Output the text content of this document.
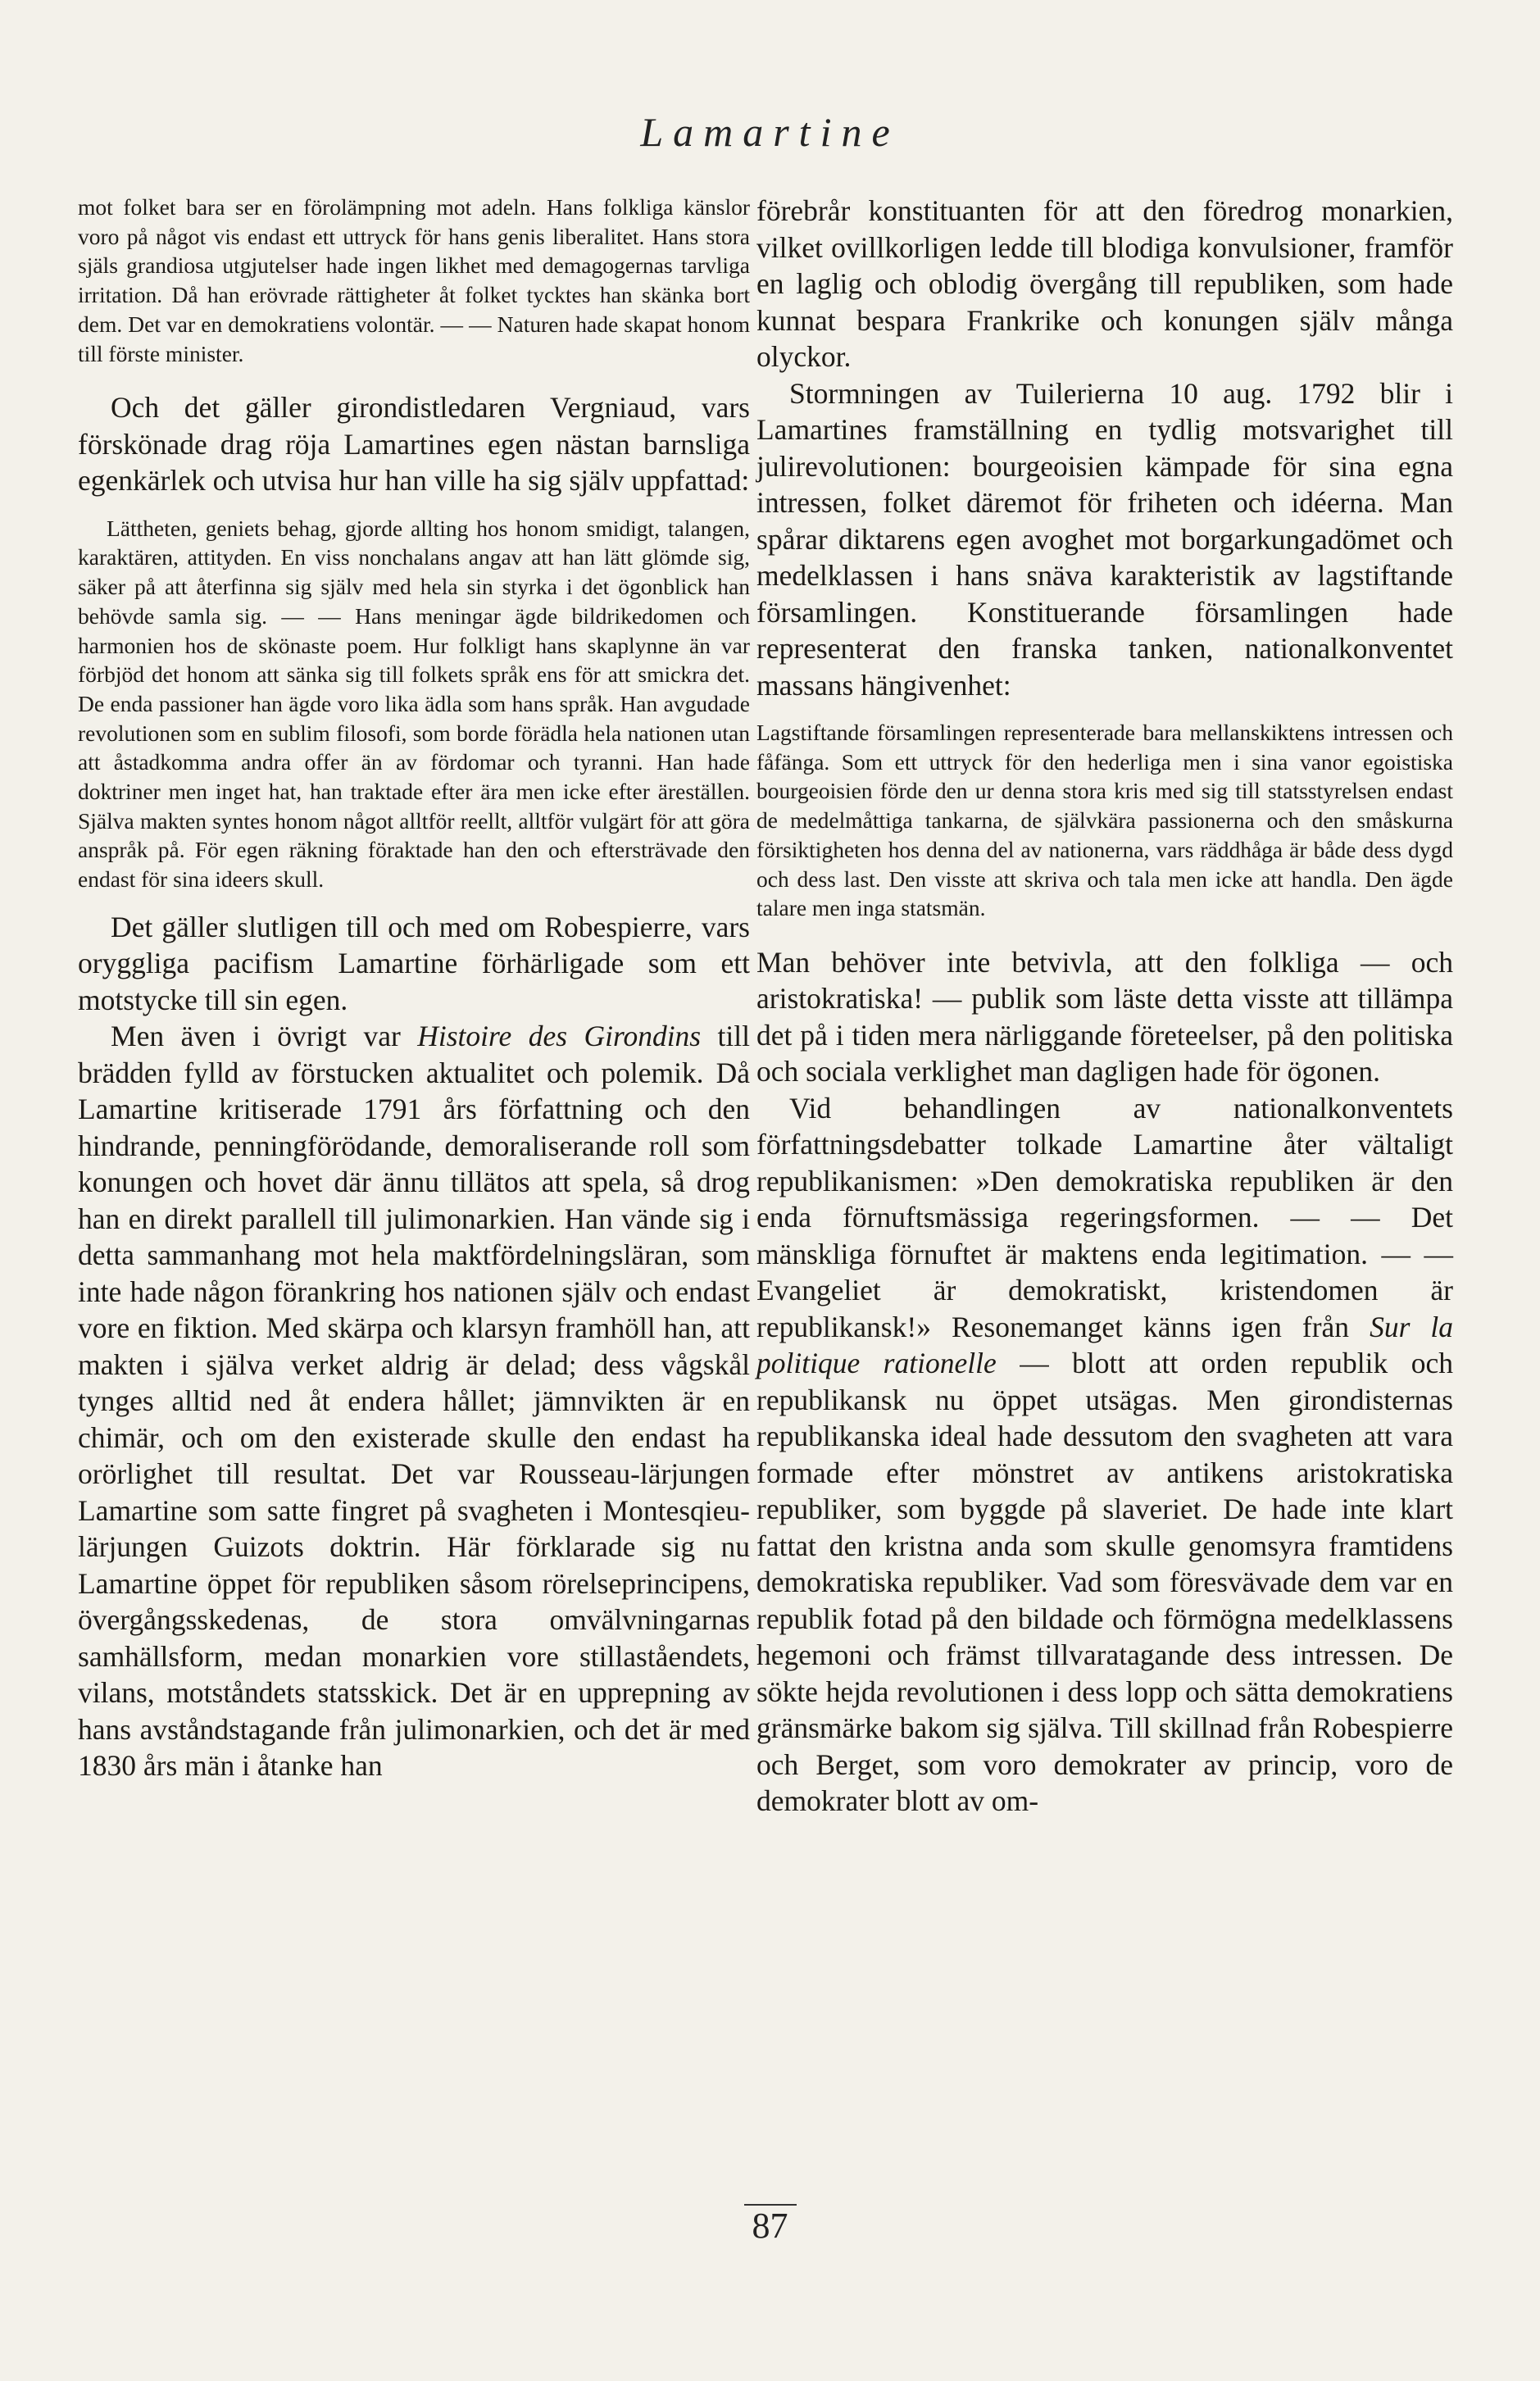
Lamartine

mot folket bara ser en förolämpning mot adeln. Hans folkliga känslor voro på något vis endast ett uttryck för hans genis liberalitet. Hans stora själs grandiosa utgjutelser hade ingen likhet med demagogernas tarvliga irritation. Då han erövrade rättigheter åt folket tycktes han skänka bort dem. Det var en demokratiens volontär. — — Naturen hade skapat honom till förste minister.

Och det gäller girondistledaren Vergniaud, vars förskönade drag röja Lamartines egen nästan barnsliga egenkärlek och utvisa hur han ville ha sig själv uppfattad:

Lättheten, geniets behag, gjorde allting hos honom smidigt, talangen, karaktären, attityden. En viss nonchalans angav att han lätt glömde sig, säker på att återfinna sig själv med hela sin styrka i det ögonblick han behövde samla sig. — — Hans meningar ägde bildrikedomen och harmonien hos de skönaste poem. Hur folkligt hans skaplynne än var förbjöd det honom att sänka sig till folkets språk ens för att smickra det. De enda passioner han ägde voro lika ädla som hans språk. Han avgudade revolutionen som en sublim filosofi, som borde förädla hela nationen utan att åstadkomma andra offer än av fördomar och tyranni. Han hade doktriner men inget hat, han traktade efter ära men icke efter äreställen. Själva makten syntes honom något alltför reellt, alltför vulgärt för att göra anspråk på. För egen räkning föraktade han den och eftersträvade den endast för sina ideers skull.

Det gäller slutligen till och med om Robespierre, vars oryggliga pacifism Lamartine förhärligade som ett motstycke till sin egen.

Men även i övrigt var Histoire des Girondins till brädden fylld av förstucken aktualitet och polemik. Då Lamartine kritiserade 1791 års författning och den hindrande, penningförödande, demoraliserande roll som konungen och hovet där ännu tillätos att spela, så drog han en direkt parallell till julimonarkien. Han vände sig i detta sammanhang mot hela maktfördelningsläran, som inte hade någon förankring hos nationen själv och endast vore en fiktion. Med skärpa och klarsyn framhöll han, att makten i själva verket aldrig är delad; dess vågskål tynges alltid ned åt endera hållet; jämnvikten är en chimär, och om den existerade skulle den endast ha orörlighet till resultat. Det var Rousseau-lärjungen Lamartine som satte fingret på svagheten i Montesqieu-lärjungen Guizots doktrin. Här förklarade sig nu Lamartine öppet för republiken såsom rörelseprincipens, övergångsskedenas, de stora omvälvningarnas samhällsform, medan monarkien vore stillaståendets, vilans, motståndets statsskick. Det är en upprepning av hans avståndstagande från julimonarkien, och det är med 1830 års män i åtanke han

förebrår konstituanten för att den föredrog monarkien, vilket ovillkorligen ledde till blodiga konvulsioner, framför en laglig och oblodig övergång till republiken, som hade kunnat bespara Frankrike och konungen själv många olyckor.

Stormningen av Tuilerierna 10 aug. 1792 blir i Lamartines framställning en tydlig motsvarighet till julirevolutionen: bourgeoisien kämpade för sina egna intressen, folket däremot för friheten och idéerna. Man spårar diktarens egen avoghet mot borgarkungadömet och medelklassen i hans snäva karakteristik av lagstiftande församlingen. Konstituerande församlingen hade representerat den franska tanken, nationalkonventet massans hängivenhet:

Lagstiftande församlingen representerade bara mellanskiktens intressen och fåfänga. Som ett uttryck för den hederliga men i sina vanor egoistiska bourgeoisien förde den ur denna stora kris med sig till statsstyrelsen endast de medelmåttiga tankarna, de självkära passionerna och den småskurna försiktigheten hos denna del av nationerna, vars räddhåga är både dess dygd och dess last. Den visste att skriva och tala men icke att handla. Den ägde talare men inga statsmän.

Man behöver inte betvivla, att den folkliga — och aristokratiska! — publik som läste detta visste att tillämpa det på i tiden mera närliggande företeelser, på den politiska och sociala verklighet man dagligen hade för ögonen.

Vid behandlingen av nationalkonventets författningsdebatter tolkade Lamartine åter vältaligt republikanismen: »Den demokratiska republiken är den enda förnuftsmässiga regeringsformen. — — Det mänskliga förnuftet är maktens enda legitimation. — — Evangeliet är demokratiskt, kristendomen är republikansk!» Resonemanget känns igen från Sur la politique rationelle — blott att orden republik och republikansk nu öppet utsägas. Men girondisternas republikanska ideal hade dessutom den svagheten att vara formade efter mönstret av antikens aristokratiska republiker, som byggde på slaveriet. De hade inte klart fattat den kristna anda som skulle genomsyra framtidens demokratiska republiker. Vad som föresvävade dem var en republik fotad på den bildade och förmögna medelklassens hegemoni och främst tillvaratagande dess intressen. De sökte hejda revolutionen i dess lopp och sätta demokratiens gränsmärke bakom sig själva. Till skillnad från Robespierre och Berget, som voro demokrater av princip, voro de demokrater blott av om-

87
